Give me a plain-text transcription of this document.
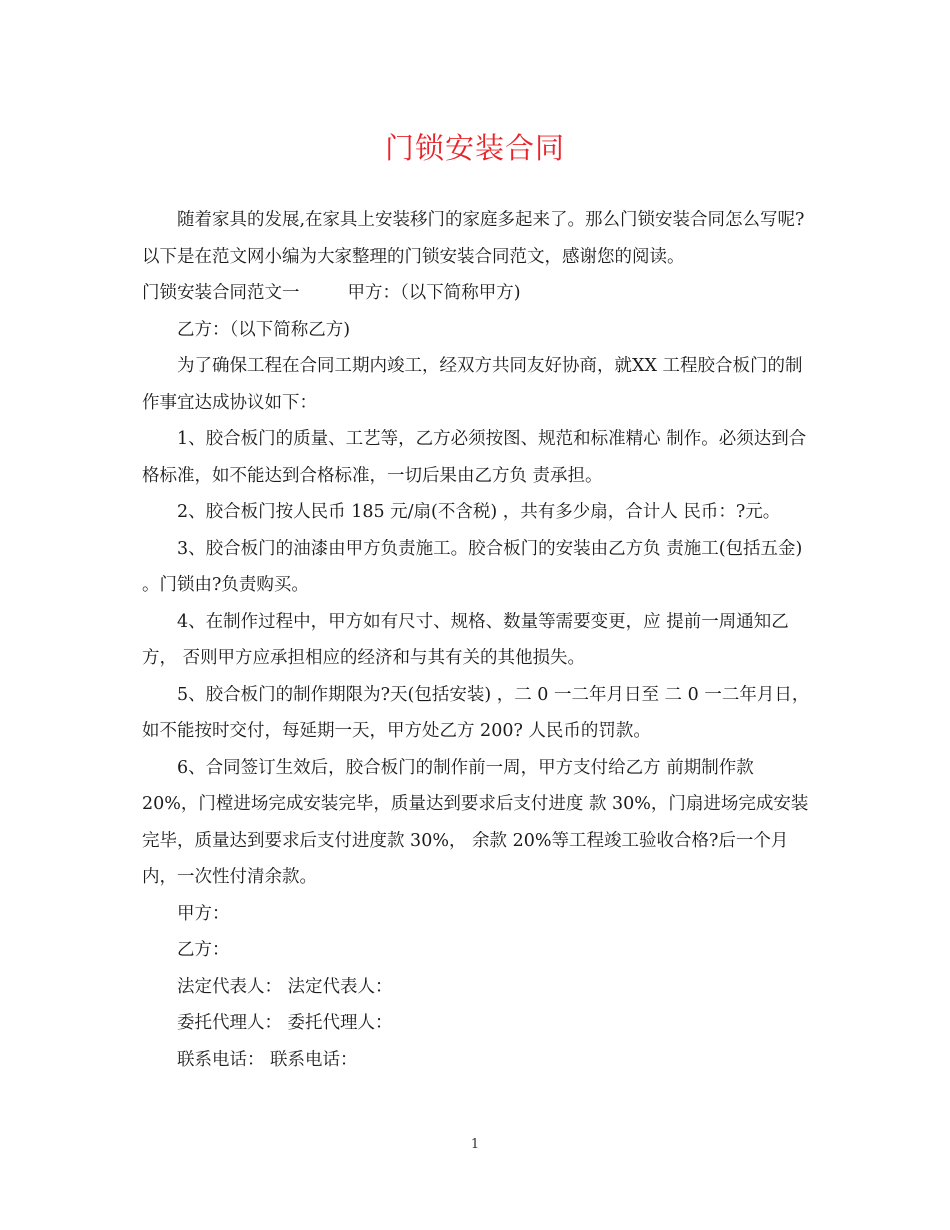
门锁安装合同

随着家具的发展,在家具上安装移门的家庭多起来了。那么门锁安装合同怎么写呢?以下是在范文网小编为大家整理的门锁安装合同范文，感谢您的阅读。

门锁安装合同范文一	甲方：（以下简称甲方)

乙方：（以下简称乙方)

为了确保工程在合同工期内竣工，经双方共同友好协商，就XX 工程胶合板门的制作事宜达成协议如下：

1、胶合板门的质量、工艺等，乙方必须按图、规范和标准精心 制作。必须达到合格标准，如不能达到合格标准，一切后果由乙方负 责承担。

2、胶合板门按人民币 185 元/扇(不含税) ，共有多少扇，合计人 民币：?元。

3、胶合板门的油漆由甲方负责施工。胶合板门的安装由乙方负 责施工(包括五金) 。门锁由?负责购买。

4、在制作过程中，甲方如有尺寸、规格、数量等需要变更，应 提前一周通知乙方， 否则甲方应承担相应的经济和与其有关的其他损失。

5、胶合板门的制作期限为?天(包括安装) ，二 0 一二年月日至 二 0 一二年月日，如不能按时交付，每延期一天，甲方处乙方 200? 人民币的罚款。

6、合同签订生效后，胶合板门的制作前一周，甲方支付给乙方 前期制作款 20%，门樘进场完成安装完毕，质量达到要求后支付进度 款 30%，门扇进场完成安装完毕，质量达到要求后支付进度款 30%， 余款 20%等工程竣工验收合格?后一个月内，一次性付清余款。

甲方：

乙方：

法定代表人： 法定代表人：

委托代理人： 委托代理人：

联系电话： 联系电话：

1
